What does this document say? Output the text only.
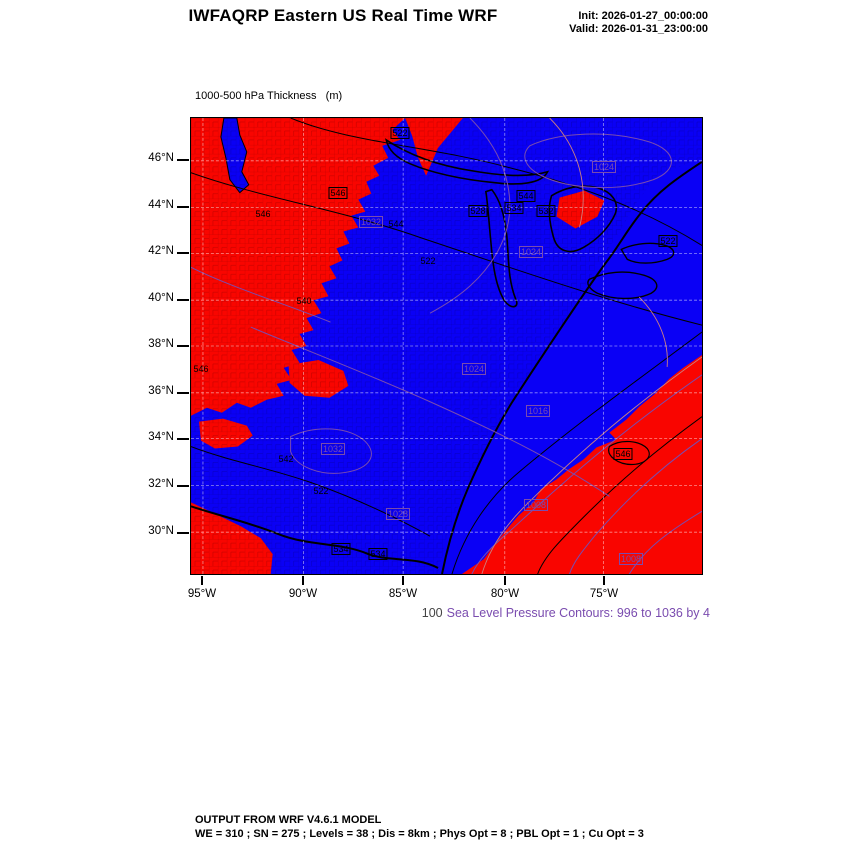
IWFAQRP Eastern US Real Time WRF	Init: 2026-01-27_00:00:00
Valid: 2026-01-31_23:00:00

1000-500 hPa Thickness   (m)

522
534
528
544
532
522
546
546
544
540
522
546
542
522
546
534 534
1024
1024
1032
1024
1016
1032
1028
1008
1008
46°N
44°N
42°N
40°N
38°N
36°N
34°N
32°N
30°N
95°W	90°W	85°W	80°W	75°W
100 Sea Level Pressure Contours: 996 to 1036 by 4
OUTPUT FROM WRF V4.6.1 MODEL
WE = 310 ; SN = 275 ; Levels = 38 ; Dis = 8km ; Phys Opt = 8 ; PBL Opt = 1 ; Cu Opt = 3
